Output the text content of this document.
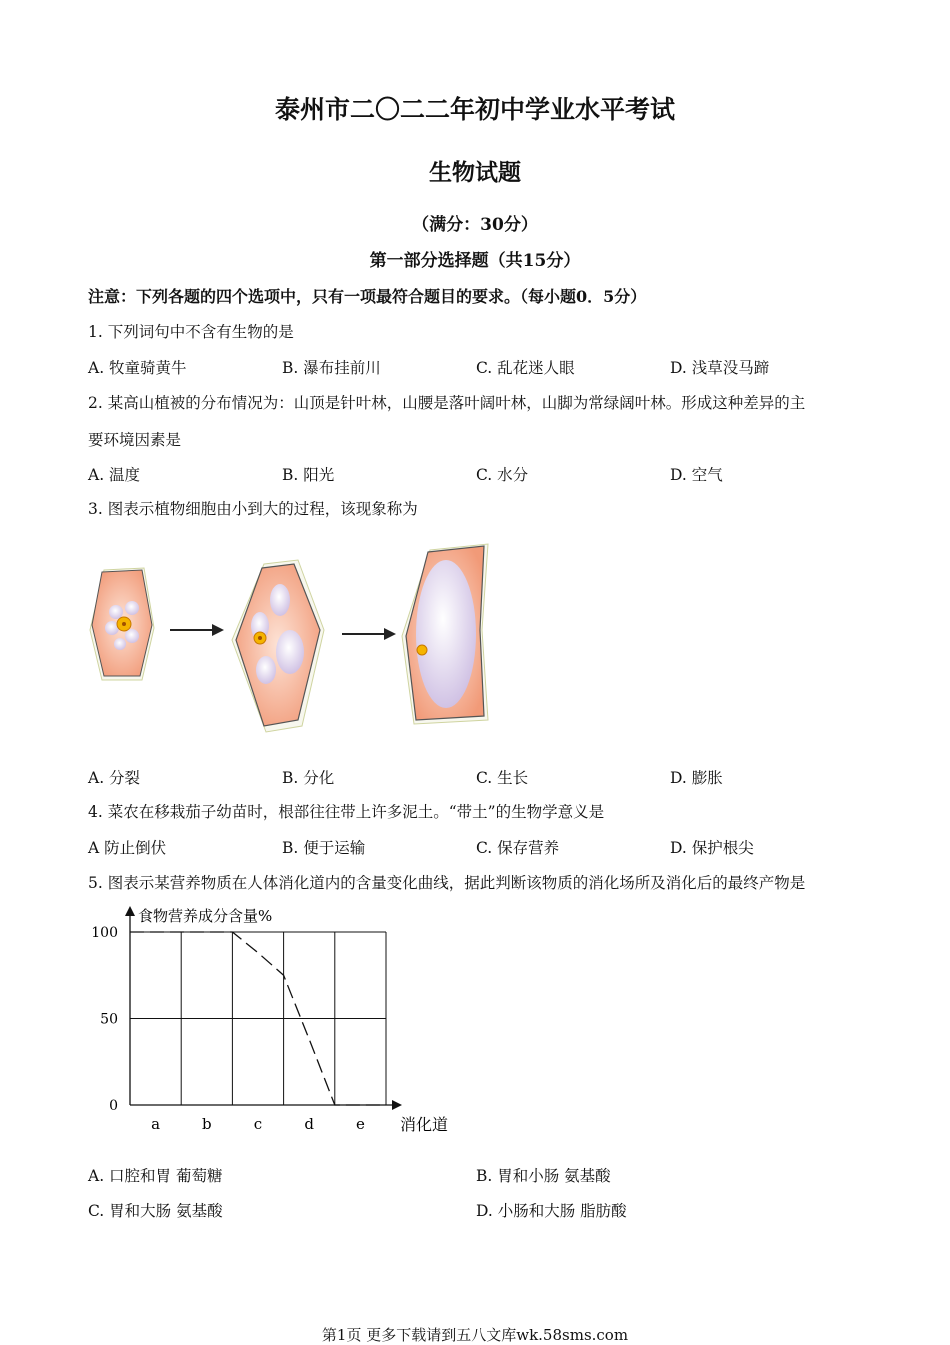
泰州市二〇二二年初中学业水平考试
生物试题
（满分：30分）
第一部分选择题（共15分）
注意：下列各题的四个选项中，只有一项最符合题目的要求。（每小题0．5分）
1. 下列词句中不含有生物的是
A. 牧童骑黄牛	B. 瀑布挂前川	C. 乱花迷人眼	D. 浅草没马蹄
2. 某高山植被的分布情况为：山顶是针叶林，山腰是落叶阔叶林，山脚为常绿阔叶林。形成这种差异的主
要环境因素是
A. 温度	B. 阳光	C. 水分	D. 空气
3. 图表示植物细胞由小到大的过程，该现象称为
A. 分裂	B. 分化	C. 生长	D. 膨胀
4. 菜农在移栽茄子幼苗时，根部往往带上许多泥土。“带土”的生物学意义是
A 防止倒伏	B. 便于运输	C. 保存营养	D. 保护根尖
5. 图表示某营养物质在人体消化道内的含量变化曲线，据此判断该物质的消化场所及消化后的最终产物是
100
50
0
a	b	c	d	e
食物营养成分含量%
消化道
A. 口腔和胃 葡萄糖	B. 胃和小肠 氨基酸
C. 胃和大肠 氨基酸	D. 小肠和大肠 脂肪酸
第1页 更多下载请到五八文库wk.58sms.com
